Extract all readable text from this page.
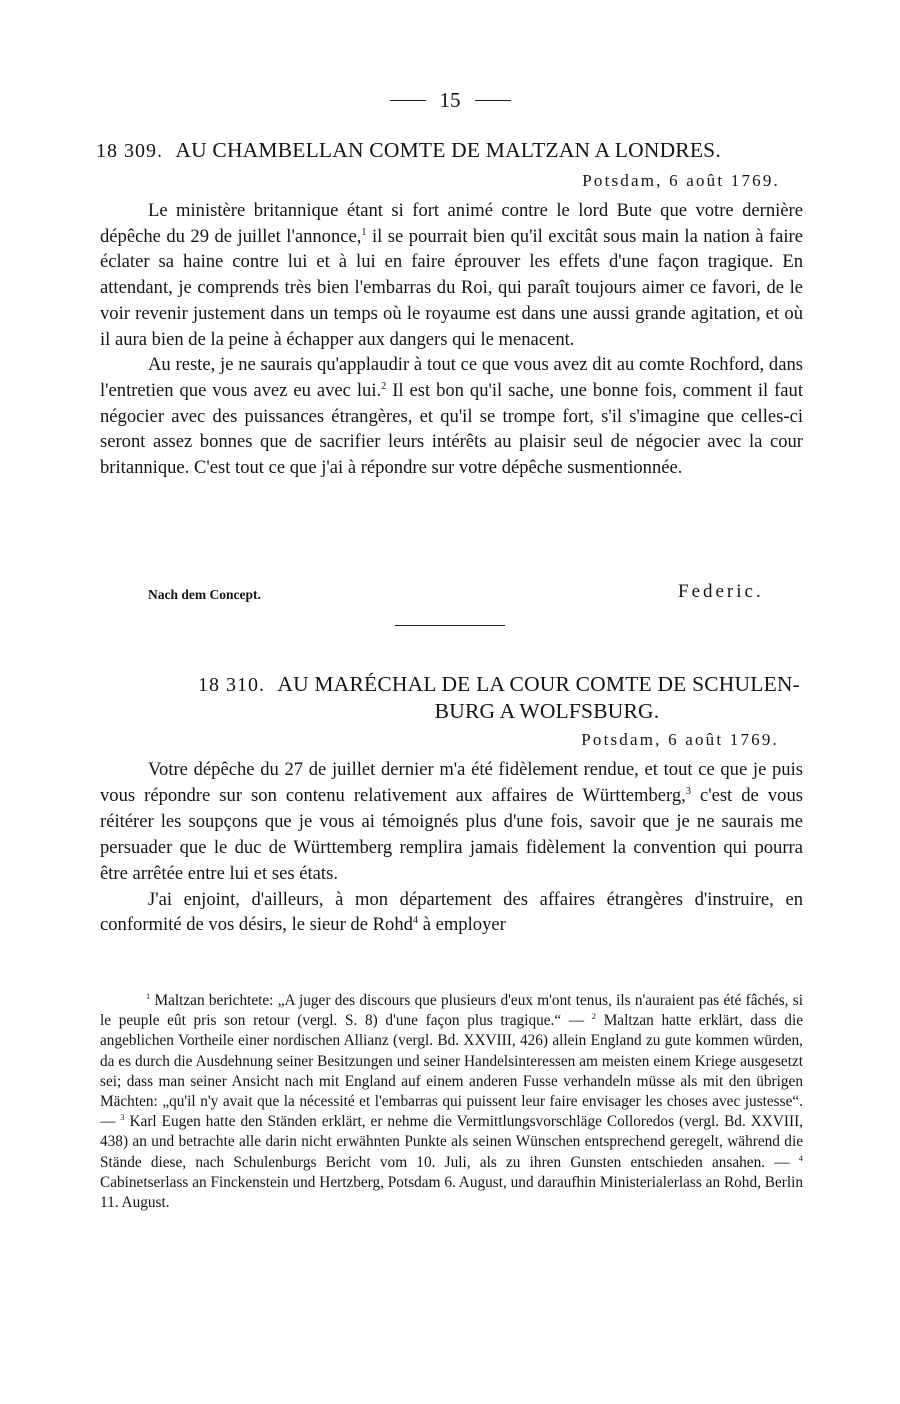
15
18 309. AU CHAMBELLAN COMTE DE MALTZAN A LONDRES.
Potsdam, 6 août 1769.

Le ministère britannique étant si fort animé contre le lord Bute que votre dernière dépêche du 29 de juillet l'annonce,$^1$ il se pourrait bien qu'il excitât sous main la nation à faire éclater sa haine contre lui et à lui en faire éprouver les effets d'une façon tragique. En attendant, je comprends très bien l'embarras du Roi, qui paraît toujours aimer ce favori, de le voir revenir justement dans un temps où le royaume est dans une aussi grande agitation, et où il aura bien de la peine à échapper aux dangers qui le menacent.

Au reste, je ne saurais qu'applaudir à tout ce que vous avez dit au comte Rochford, dans l'entretien que vous avez eu avec lui.$^2$ Il est bon qu'il sache, une bonne fois, comment il faut négocier avec des puissances étrangères, et qu'il se trompe fort, s'il s'imagine que celles-ci seront assez bonnes que de sacrifier leurs intérêts au plaisir seul de négocier avec la cour britannique. C'est tout ce que j'ai à répondre sur votre dépêche susmentionnée.

Nach dem Concept.	Federic.
18 310. AU MARÉCHAL DE LA COUR COMTE DE SCHULEN-
BURG A WOLFSBURG.
Potsdam, 6 août 1769.

Votre dépêche du 27 de juillet dernier m'a été fidèlement rendue, et tout ce que je puis vous répondre sur son contenu relativement aux affaires de Württemberg,$^3$ c'est de vous réitérer les soupçons que je vous ai témoignés plus d'une fois, savoir que je ne saurais me persuader que le duc de Württemberg remplira jamais fidèlement la convention qui pourra être arrêtée entre lui et ses états.

J'ai enjoint, d'ailleurs, à mon département des affaires étrangères d'instruire, en conformité de vos désirs, le sieur de Rohd$^4$ à employer

$^1$ Maltzan berichtete: „A juger des discours que plusieurs d'eux m'ont tenus, ils n'auraient pas été fâchés, si le peuple eût pris son retour (vergl. S. 8) d'une façon plus tragique.“ — $^2$ Maltzan hatte erklärt, dass die angeblichen Vortheile einer nordischen Allianz (vergl. Bd. XXVIII, 426) allein England zu gute kommen würden, da es durch die Ausdehnung seiner Besitzungen und seiner Handelsinteressen am meisten einem Kriege ausgesetzt sei; dass man seiner Ansicht nach mit England auf einem anderen Fusse verhandeln müsse als mit den übrigen Mächten: „qu'il n'y avait que la nécessité et l'embarras qui puissent leur faire envisager les choses avec justesse“. — $^3$ Karl Eugen hatte den Ständen erklärt, er nehme die Vermittlungsvorschläge Colloredos (vergl. Bd. XXVIII, 438) an und betrachte alle darin nicht erwähnten Punkte als seinen Wünschen entsprechend geregelt, während die Stände diese, nach Schulenburgs Bericht vom 10. Juli, als zu ihren Gunsten entschieden ansahen. — $^4$ Cabinetserlass an Finckenstein und Hertzberg, Potsdam 6. August, und daraufhin Ministerialerlass an Rohd, Berlin 11. August.
